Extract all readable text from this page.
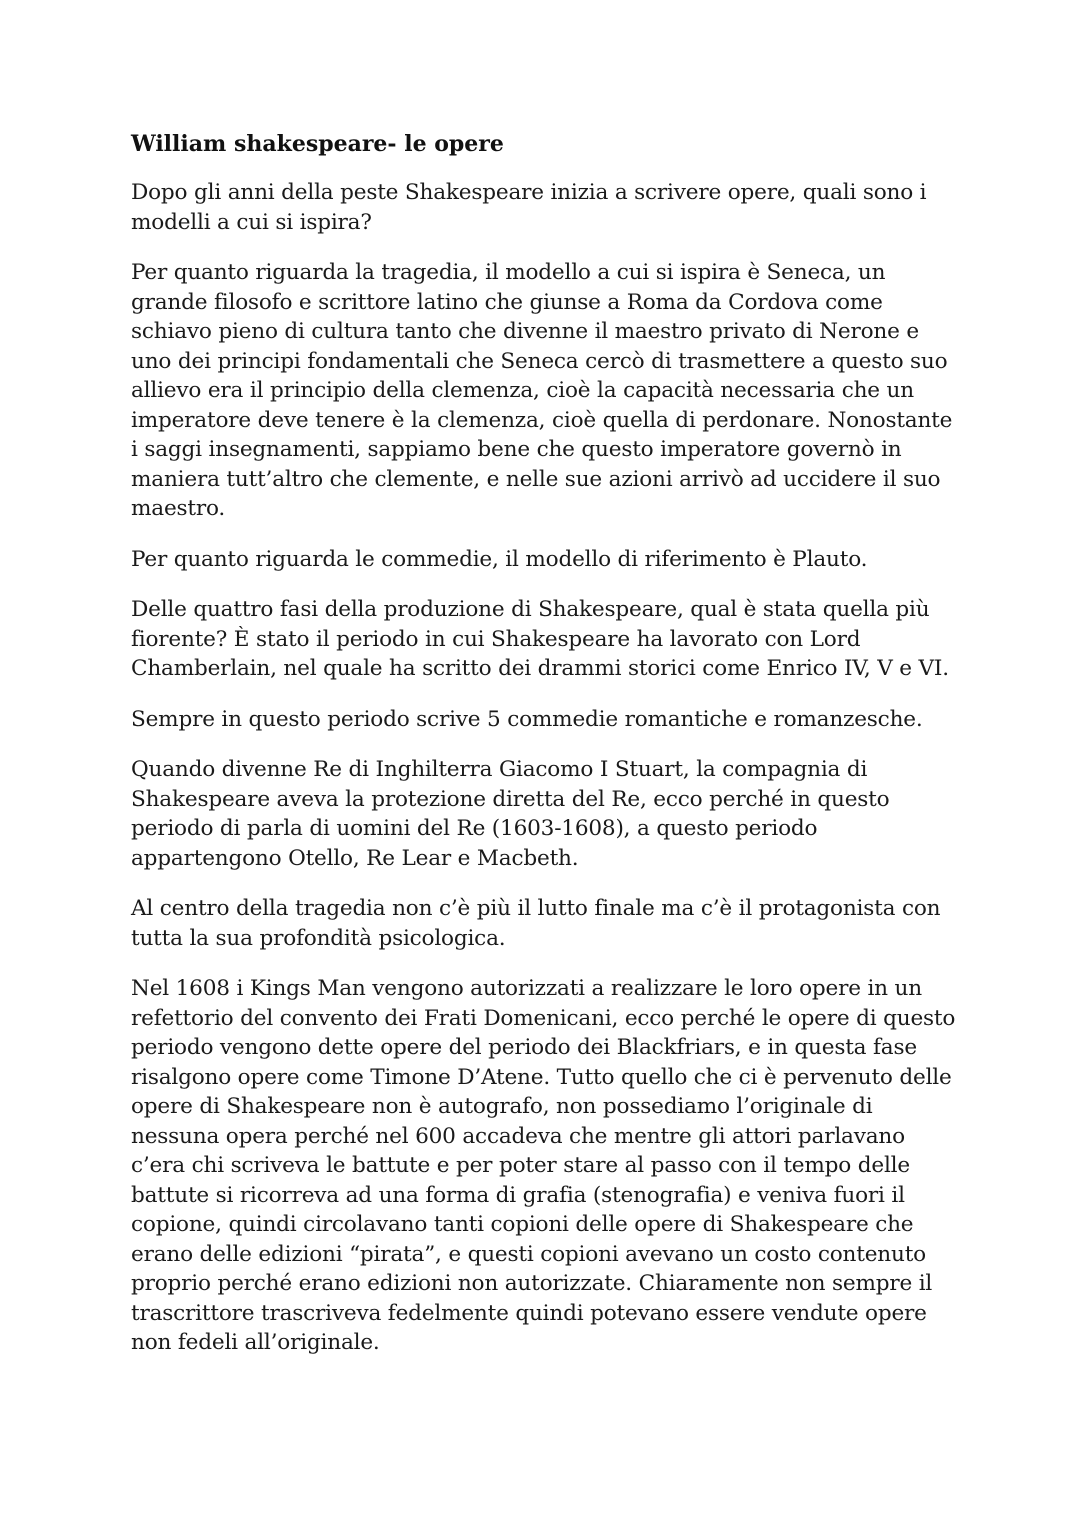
William shakespeare- le opere

Dopo gli anni della peste Shakespeare inizia a scrivere opere, quali sono i modelli a cui si ispira?

Per quanto riguarda la tragedia, il modello a cui si ispira è Seneca, un grande filosofo e scrittore latino che giunse a Roma da Cordova come schiavo pieno di cultura tanto che divenne il maestro privato di Nerone e uno dei principi fondamentali che Seneca cercò di trasmettere a questo suo allievo era il principio della clemenza, cioè la capacità necessaria che un imperatore deve tenere è la clemenza, cioè quella di perdonare. Nonostante i saggi insegnamenti, sappiamo bene che questo imperatore governò in maniera tutt’altro che clemente, e nelle sue azioni arrivò ad uccidere il suo maestro.

Per quanto riguarda le commedie, il modello di riferimento è Plauto.

Delle quattro fasi della produzione di Shakespeare, qual è stata quella più fiorente? È stato il periodo in cui Shakespeare ha lavorato con Lord Chamberlain, nel quale ha scritto dei drammi storici come Enrico IV, V e VI.

Sempre in questo periodo scrive 5 commedie romantiche e romanzesche.

Quando divenne Re di Inghilterra Giacomo I Stuart, la compagnia di Shakespeare aveva la protezione diretta del Re, ecco perché in questo periodo di parla di uomini del Re (1603-1608), a questo periodo appartengono Otello, Re Lear e Macbeth.

Al centro della tragedia non c’è più il lutto finale ma c’è il protagonista con tutta la sua profondità psicologica.

Nel 1608 i Kings Man vengono autorizzati a realizzare le loro opere in un refettorio del convento dei Frati Domenicani, ecco perché le opere di questo periodo vengono dette opere del periodo dei Blackfriars, e in questa fase risalgono opere come Timone D’Atene. Tutto quello che ci è pervenuto delle opere di Shakespeare non è autografo, non possediamo l’originale di nessuna opera perché nel 600 accadeva che mentre gli attori parlavano c’era chi scriveva le battute e per poter stare al passo con il tempo delle battute si ricorreva ad una forma di grafia (stenografia) e veniva fuori il copione, quindi circolavano tanti copioni delle opere di Shakespeare che erano delle edizioni “pirata”, e questi copioni avevano un costo contenuto proprio perché erano edizioni non autorizzate. Chiaramente non sempre il trascrittore trascriveva fedelmente quindi potevano essere vendute opere non fedeli all’originale.
